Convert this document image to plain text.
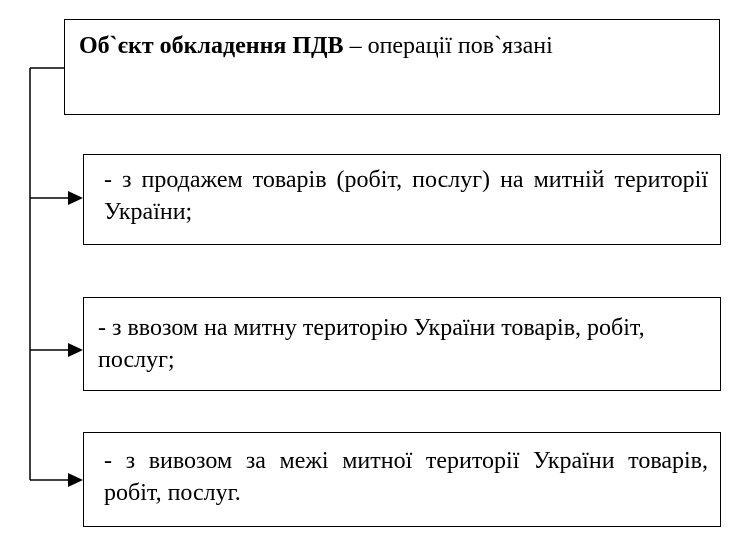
Об`єкт обкладення ПДВ – операції пов`язані
- з продажем товарів (робіт, послуг) на митній території України;
- з ввозом на митну територію України товарів, робіт, послуг;
- з вивозом за межі митної території України товарів, робіт, послуг.
